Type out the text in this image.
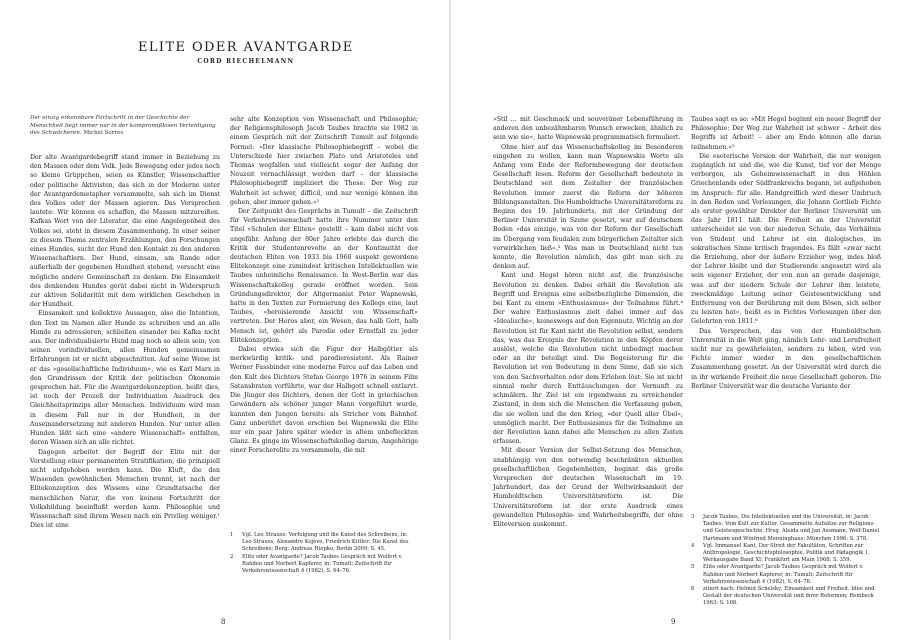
ELITE ODER AVANTGARDE

CORD RIECHELMANN

Der einzig erkennbare Fortschritt in der Geschichte der Menschheit liegt immer nur in der kompromißlosen Verteidigung des Schwächeren. Michel Serres

Der alte Avantgardebegriff stand immer in Beziehung zu den Massen oder dem Volk. Jede Bewegung oder jedes noch so kleine Grüppchen, seien es Künstler, Wissenschaftler oder politische Aktivisten, das sich in der Moderne unter der Avantgardemetapher versammelte, sah sich im Dienst des Volkes oder der Massen agieren. Das Versprechen lautete: Wir können es schaffen, die Massen mitzureißen. Kafkas Wort von der Literatur, die eine Angelegenheit des Volkes sei, steht in diesem Zusammenhang. In einer seiner zu diesem Thema zentralen Erzählungen, den Forschungen eines Hundes, sucht der Hund den Kontakt zu den anderen Wissenschaftlern. Der Hund, einsam, am Rande oder außerhalb der gegebenen Hundheit stehend, versucht eine mögliche andere Gemeinschaft zu denken. Die Einsamkeit des denkenden Hundes gerät dabei nicht in Widerspruch zur aktiven Solidarität mit dem wirklichen Geschehen in der Hundheit.

Einsamkeit und kollektive Aussagen, also die Intention, den Text im Namen aller Hunde zu schreiben und an alle Hunde zu adressieren, schließen einander bei Kafka nicht aus. Der individualisierte Hund mag noch so allein sein; von seinen vorindividuellen, allen Hunden gemeinsamen Erfahrungen ist er nicht abgeschnitten. Auf seine Weise ist er das »gesellschaftliche Individuum«, wie es Karl Marx in den Grundrissen der Kritik der politischen Ökonomie gesprochen hat. Für die Avantgardekonzeption, heißt dies, ist noch der Prozeß der Individuation Ausdruck des Gleichheitsprinzips aller Menschen. Individuum wird man in diesem Fall nur in der Hundheit, in der Auseinandersetzung mit anderen Hunden. Nur unter allen Hunden läßt sich eine »andere Wissenschaft« entfalten, deren Wissen sich an alle richtet.

Dagegen arbeitet der Begriff der Elite mit der Vorstellung einer permanenten Stratifikation, die prinzipiell nicht aufgehoben werden kann. Die Kluft, die den Wissenden gewöhnlichen Menschen trennt, ist nach der Elitekonzeption des Wissens eine Grundtatsache der menschlichen Natur, die von keinem Fortschritt der Volksbildung beeinflußt werden kann. Philosophie und Wissenschaft sind ihrem Wesen nach ein Privileg weniger.¹ Dies ist eine

sehr alte Konzeption von Wissenschaft und Philosophie; der Religionsphilosoph Jacob Taubes brachte sie 1982 in einem Gespräch mit der Zeitschrift Tumult auf folgende Formel: »Der klassische Philosophiebegriff – wobei die Unterschiede hier zwischen Plato und Aristoteles und Thomas wegfallen und vielleicht sogar der Anfang der Neuzeit vernachlässigt werden darf – der klassische Philosophiebegriff impliziert die These: Der Weg zur Wahrheit ist schwer, difficil, und nur wenige können ihn gehen, aber immer gehen.«²

Der Zeitpunkt des Gesprächs in Tumult – die Zeitschrift für Verkehrswissenschaft hatte ihre Nummer unter den Titel »Schulen der Eliten« gestellt – kam dabei nicht von ungefähr. Anfang der 80er Jahre erlebte das durch die Kritik der Studentenrevolte an der Kontinuität der deutschen Eliten von 1933 bis 1968 suspekt gewordene Elitekonzept eine zumindest kritischen Intellektuellen wie Taubes unheimliche Renaissance. In West-Berlin war das Wissenschaftskolleg gerade eröffnet worden. Sein Gründungsdirektor, der Altgermanist Peter Wapnewski, hatte in den Texten zur Formierung des Kollegs eine, laut Taubes, »heroisierende Ansicht von Wissenschaft« vertreten. Der Heros aber, ein Wesen, das halb Gott, halb Mensch ist, gehört als Parodie oder Ernstfall zu jeder Elitekonzeption.

Dabei erwies sich die Figur der Halbgötter als merkwürdig kritik- und parodieresistent. Als Rainer Werner Fassbinder eine moderne Farce auf das Leben und den Kult des Dichters Stefan George 1976 in seinem Film Satansbraten vorführte, war der Halbgott schnell entlarvt. Die Jünger des Dichters, denen der Gott in griechischen Gewändern als schöner junger Mann vorgeführt wurde, kannten den Jungen bereits: als Stricher vom Bahnhof. Ganz unberührt davon erschien bei Wapnewski die Elite nur ein paar Jahre später wieder in altem unbefleckten Glanz. Es ginge im Wissenschaftskolleg darum, Angehörige einer Forscherelite zu versammeln, die mit

1	Vgl. Leo Strauss: Verfolgung und die Kunst des Schreibens, in: Leo Strauss, Alexandre Kojève, Friedrich Kittler: Die Kunst des Schreibens; Berg: Andreas Hiepko, Berlin 2009; S. 45.
2	Elite oder Avantgarde? Jacob Taubes Gespräch mit Wolfert v. Rahden und Norbert Kapferer, in: Tumult: Zeitschrift für Verkehrswissenschaft 4 (1982), S. 64–76.
8

»Stil … mit Geschmack und souveräner Lebensführung in anderen den unbezähmbaren Wunsch erwecken, ähnlich zu sein wie sie«, hatte Wapnewski programmatisch formuliert.

Ohne hier auf das Wissenschaftskolleg im Besonderen eingehen zu wollen, kann man Wapnewskis Worte als Anfang vom Ende der Reformbewegung der deutschen Gesellschaft lesen. Reform der Gesellschaft bedeutete in Deutschland seit dem Zeitalter der französischen Revolution immer zuerst die Reform der höheren Bildungsanstalten. Die Humboldtsche Universitätsreform zu Beginn des 19. Jahrhunderts, mit der Gründung der Berliner Universität in Szene gesetzt, war auf deutschem Boden »das einzige, was von der Reform der Gesellschaft im Übergang vom feudalen zum bürgerlichen Zeitalter sich verwirklichen ließ«.³ Was man in Deutschland nicht tun konnte, die Revolution nämlich, das gibt man sich zu denken auf.

Kant und Hegel hören nicht auf, die französische Revolution zu denken. Dabei erhält die Revolution als Begriff und Ereignis eine selbstbezügliche Dimension, die bei Kant zu einem »Enthusiasmus« der Teilnahme führt.⁴ Der wahre Enthusiasmus zielt dabei immer auf das »Idealische«, keineswegs auf den Eigennutz. Wichtig an der Revolution ist für Kant nicht die Revolution selbst, sondern das, was das Ereignis der Revolution in den Köpfen derer auslöst, welche die Revolution nicht unbedingt machen oder an ihr beteiligt sind. Die Begeisterung für die Revolution ist von Bedeutung in dem Sinne, daß sie sich von den Sachverhalten oder dem Erleben löst: Sie ist nicht einmal mehr durch Enttäuschungen der Vernunft zu schmälern. Ihr Ziel ist ein irgendwann zu erreichender Zustand, in dem sich die Menschen die Verfassung geben, die sie wollen und die den Krieg, »der Quell aller Übel«, unmöglich macht. Der Enthusiasmus für die Teilnahme an der Revolution kann dabei alle Menschen zu allen Zeiten erfassen.

Mit dieser Version der Selbst-Setzung des Menschen, unabhängig von den notwendig beschränkten aktuellen gesellschaftlichen Gegebenheiten, beginnt das große Versprechen der deutschen Wissenschaft im 19. Jahrhundert, das der Grund der Weltwirksamkeit der Humboldtschen Universitätsreform ist. Die Universitätsreform ist der erste Ausdruck eines gewandelten Philosophie- und Wahrheitsbegriffs, der ohne Eliteversion auskommt.

Taubes sagt es so: »Mit Hegel beginnt ein neuer Begriff der Philosophie: Der Weg zur Wahrheit ist schwer – Arbeit des Begriffs ist Arbeit! – aber am Ende können alle daran teilnehmen.«⁵

Die esoterische Version der Wahrheit, die nur wenigen zugänglich ist und die, wie die Kunst, tief vor der Menge verborgen, als Geheimwissenschaft in den Höhlen Griechenlands oder Südfrankreichs begann, ist aufgehoben im Anspruch: für alle. Handgreiflich wird dieser Umbruch in den Reden und Vorlesungen, die Johann Gottlieb Fichte als erster gewählter Direktor der Berliner Universität um das Jahr 1811 hält. Die Freiheit an der Universität unterscheidet sie von der niederen Schule, das Verhältnis von Student und Lehrer ist ein dialogisches, im sokratischen Sinne kritisch fragendes. Es fällt »zwar nicht die Erziehung, aber der äußere Erzieher weg, indes bloß der Lehrer bleibt und der Studierende angesetzt wird als sein eigener Erzieher, der von nun an gerade dasjenige, was auf der niedern Schule der Lehrer ihm leistete, zweckmäßige Leitung seiner Geistesentwicklung und Entfernung von der Berührung mit dem Bösen, sich selber zu leisten hat«, heißt es in Fichtes Vorlesungen über den Gelehrten von 1811.⁶

Das Versprechen, das von der Humboldtschen Universität in die Welt ging, nämlich Lehr- und Lernfreiheit nicht nur zu gewährleisten, sondern zu leben, wird von Fichte immer wieder in den gesellschaftlichen Zusammenhang gesetzt. An der Universität wird durch die in ihr wirkende Freiheit die neue Gesellschaft geboren. Die Berliner Universität war die deutsche Variante der

3	Jacob Taubes, Die Intellektuellen und die Universität, in: Jacob Taubes: Vom Kult zur Kultur. Gesammelte Aufsätze zur Religions- und Geistesgeschichte, Hrsg. Aleida und Jan Assmann, Wolf-Daniel Hartmann und Winfried Menninghaus; München 1996; S. 378.
4	Vgl. Immanuel Kant, Der Streit der Fakultäten, Schriften zur Anthropologie, Geschichtsphilosophie, Politik und Pädagogik 1, Werkausgabe Band XI; Frankfurt am Main 1968; S. 359.
5	Elite oder Avantgarde? Jacob Taubes Gespräch mit Wolfert v. Rahden und Norbert Kapferer, in: Tumult: Zeitschrift für Verkehrswissenschaft 4 (1982), S. 64–76.
6	zitiert nach: Helmut Schelsky: Einsamkeit und Freiheit. Idee und Gestalt der deutschen Universität und ihrer Reformen; Reinbeck 1963; S. 108.
9
